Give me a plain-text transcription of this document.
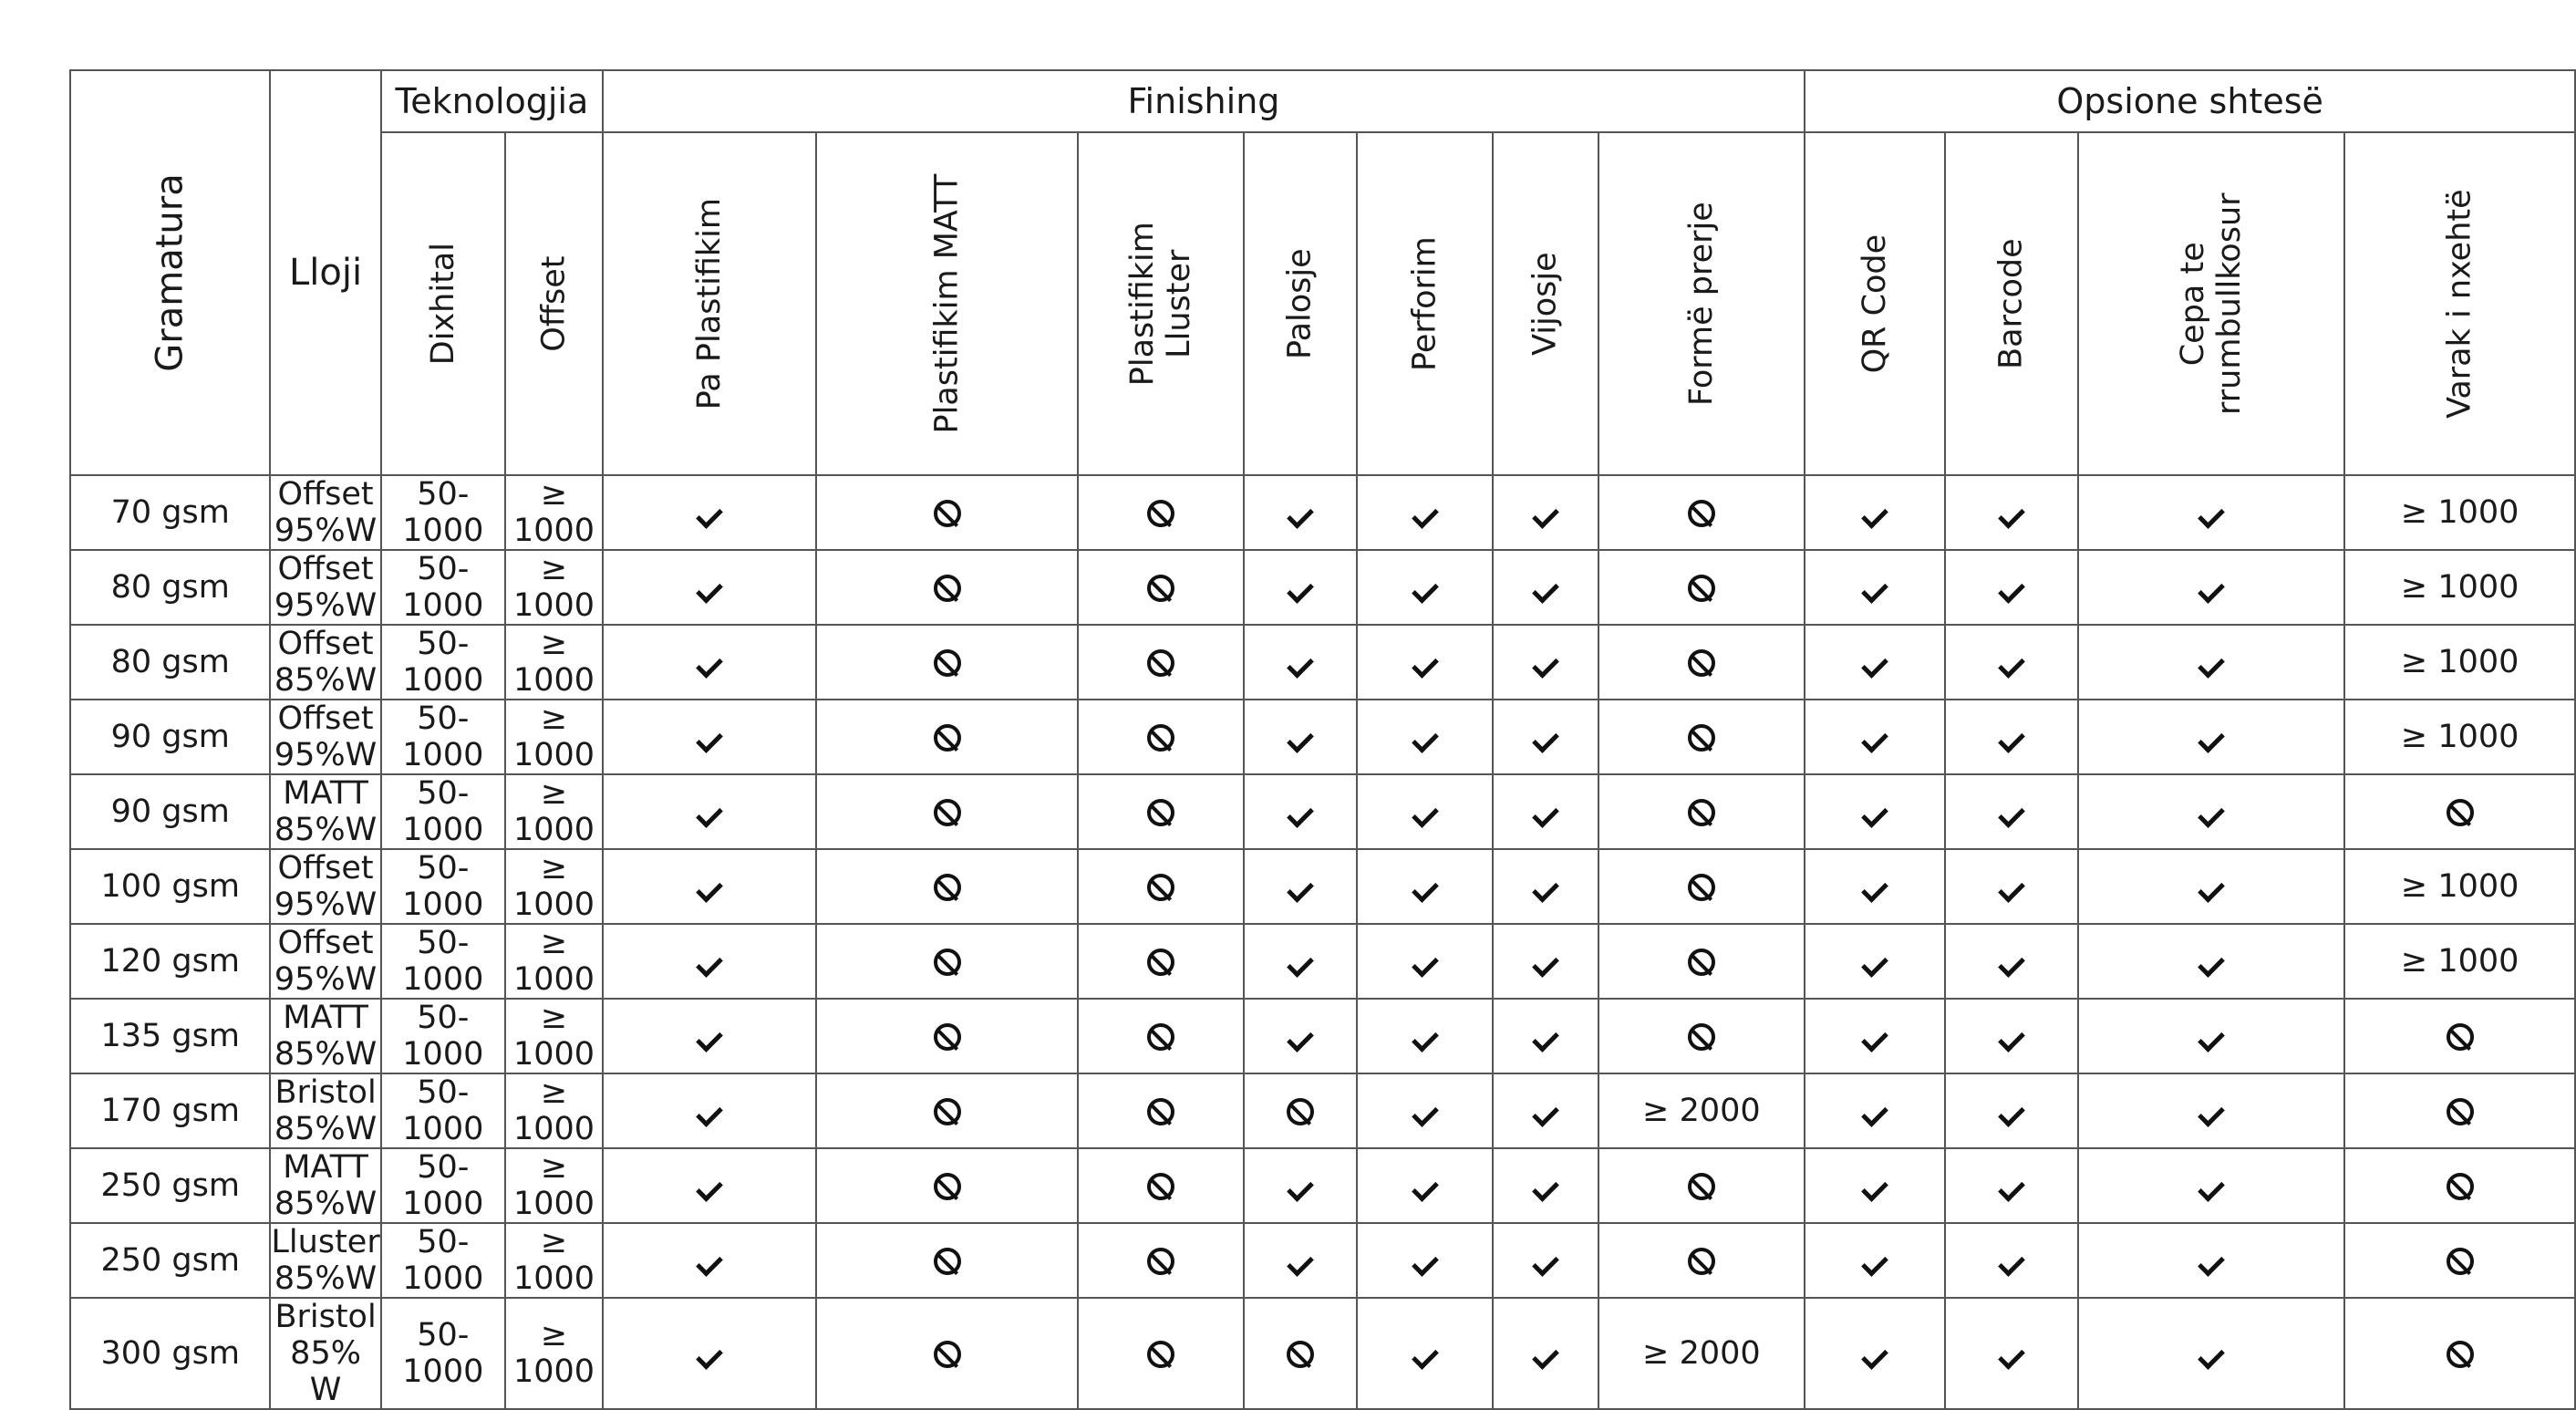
Gramatura	Lloji	Teknologjia		Finishing							Opsione shtesë			
		Dixhital	Offset	Pa Plastifikim	Plastifikim MATT	Plastifikim Lluster	Palosje	Perforim	Vijosje	Formë prerje	QR Code	Barcode	Cepa te rrumbullkosur	Varak i nxehtë
70 gsm	Offset 95%W	50-1000	≥ 1000											≥ 1000
80 gsm	Offset 95%W	50-1000	≥ 1000											≥ 1000
80 gsm	Offset 85%W	50-1000	≥ 1000											≥ 1000
90 gsm	Offset 95%W	50-1000	≥ 1000											≥ 1000
90 gsm	MATT 85%W	50-1000	≥ 1000											
100 gsm	Offset 95%W	50-1000	≥ 1000											≥ 1000
120 gsm	Offset 95%W	50-1000	≥ 1000											≥ 1000
135 gsm	MATT 85%W	50-1000	≥ 1000											
170 gsm	Bristol 85%W	50-1000	≥ 1000							≥ 2000				
250 gsm	MATT 85%W	50-1000	≥ 1000											
250 gsm	Lluster 85%W	50-1000	≥ 1000											
300 gsm	Bristol 85% W	50-1000	≥ 1000							≥ 2000				
